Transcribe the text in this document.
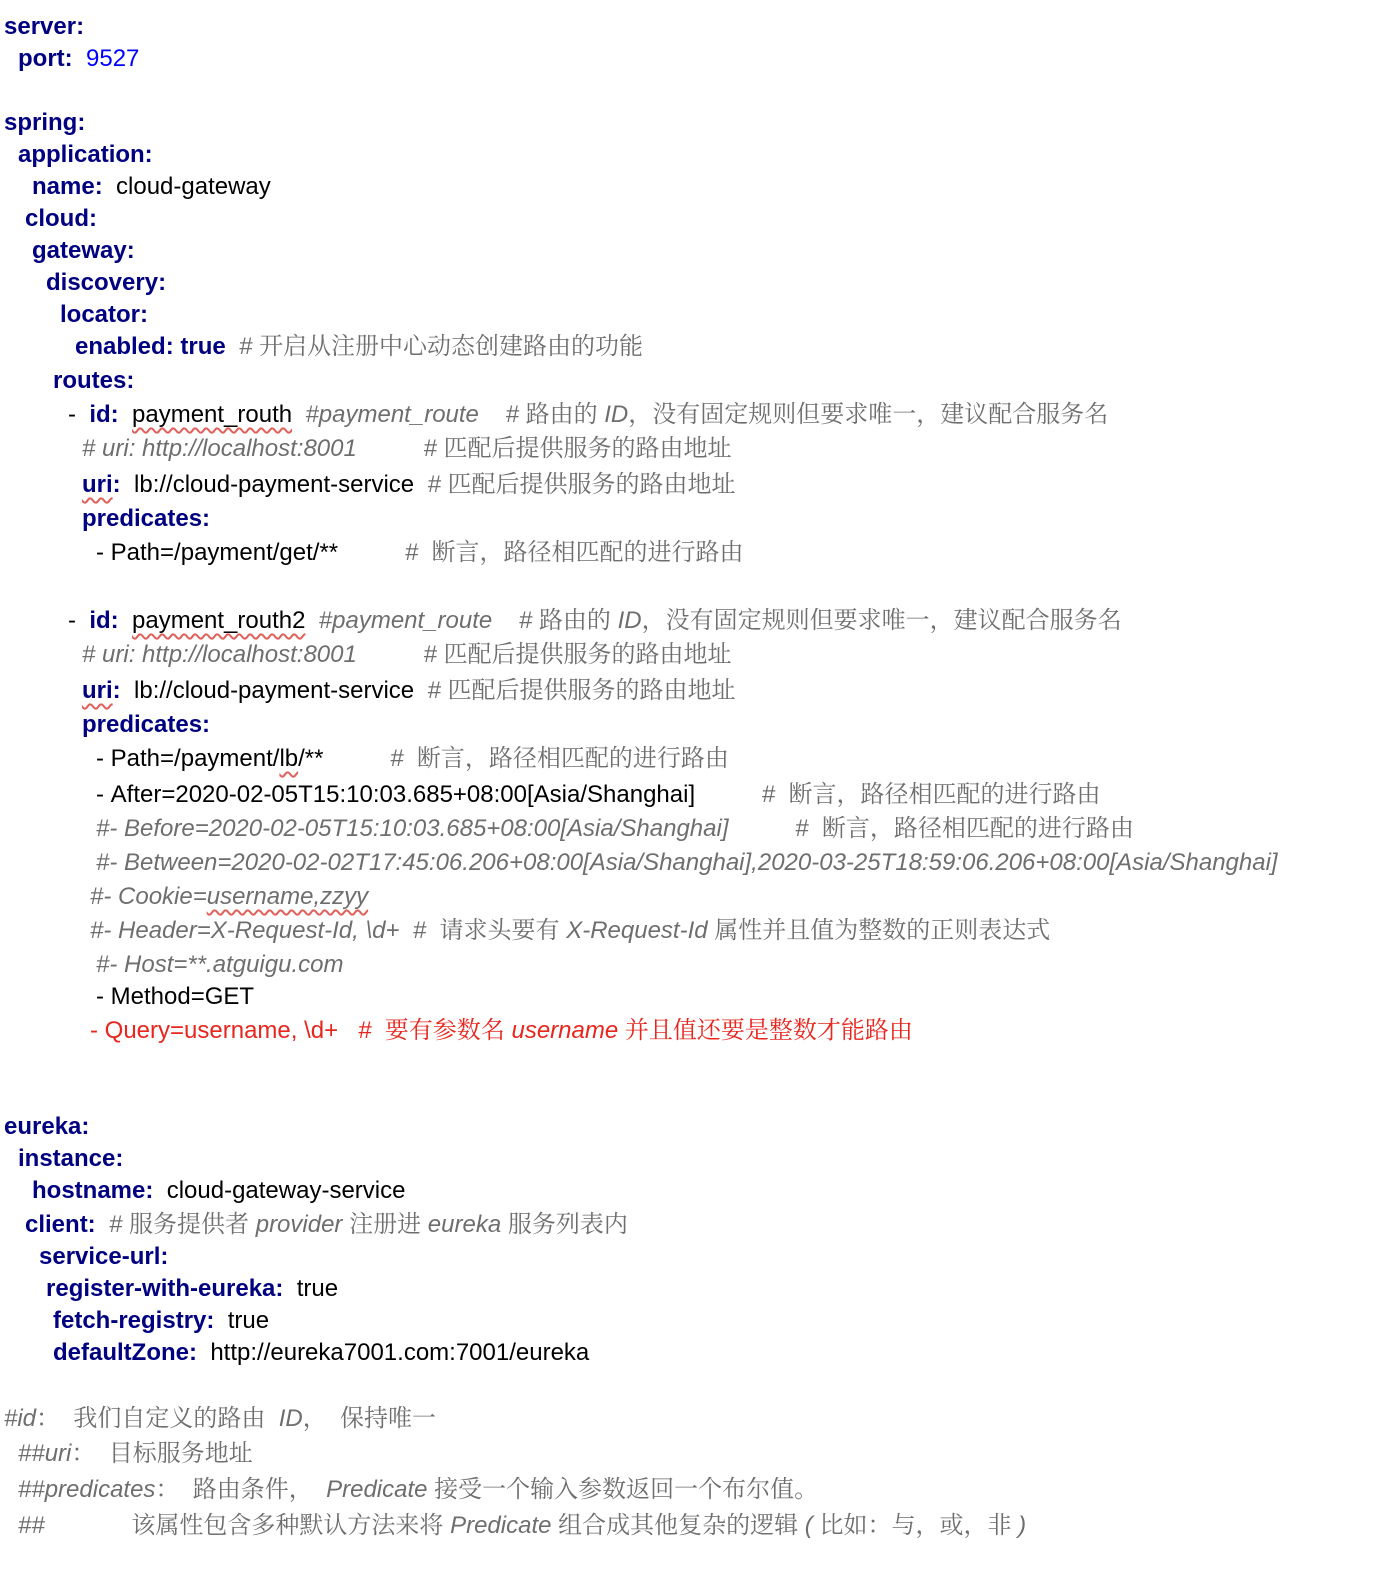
server:
port: 9527
spring:
application:
name:  cloud-gateway
cloud:
gateway:
discovery:
locator:
enabled: true # 开启从注册中心动态创建路由的功能
routes:
-  id: payment_routh #payment_route    # 路由的 ID，没有固定规则但要求唯一，建议配合服务名
# uri: http://localhost:8001          # 匹配后提供服务的路由地址
uri:  lb://cloud-payment-service  # 匹配后提供服务的路由地址
predicates:
- Path=/payment/get/**          #  断言，路径相匹配的进行路由
-  id: payment_routh2 #payment_route    # 路由的 ID，没有固定规则但要求唯一，建议配合服务名
# uri: http://localhost:8001          # 匹配后提供服务的路由地址
uri:  lb://cloud-payment-service  # 匹配后提供服务的路由地址
predicates:
- Path=/payment/lb/**          #  断言，路径相匹配的进行路由
- After=2020-02-05T15:10:03.685+08:00[Asia/Shanghai]          #  断言，路径相匹配的进行路由
#- Before=2020-02-05T15:10:03.685+08:00[Asia/Shanghai]          #  断言，路径相匹配的进行路由
#- Between=2020-02-02T17:45:06.206+08:00[Asia/Shanghai],2020-03-25T18:59:06.206+08:00[Asia/Shanghai]
#- Cookie=username,zzyy
#- Header=X-Request-Id, \d+  #  请求头要有 X-Request-Id 属性并且值为整数的正则表达式
#- Host=**.atguigu.com
- Method=GET
- Query=username, \d+   #  要有参数名 username 并且值还要是整数才能路由
eureka:
instance:
hostname:  cloud-gateway-service
client:  # 服务提供者 provider 注册进 eureka 服务列表内
service-url:
register-with-eureka:  true
fetch-registry:  true
defaultZone:  http://eureka7001.com:7001/eureka
#id：  我们自定义的路由  ID，  保持唯一
##uri：  目标服务地址
##predicates：  路由条件，  Predicate 接受一个输入参数返回一个布尔值。
##             该属性包含多种默认方法来将 Predicate 组合成其他复杂的逻辑 ( 比如：与，或，非 )
